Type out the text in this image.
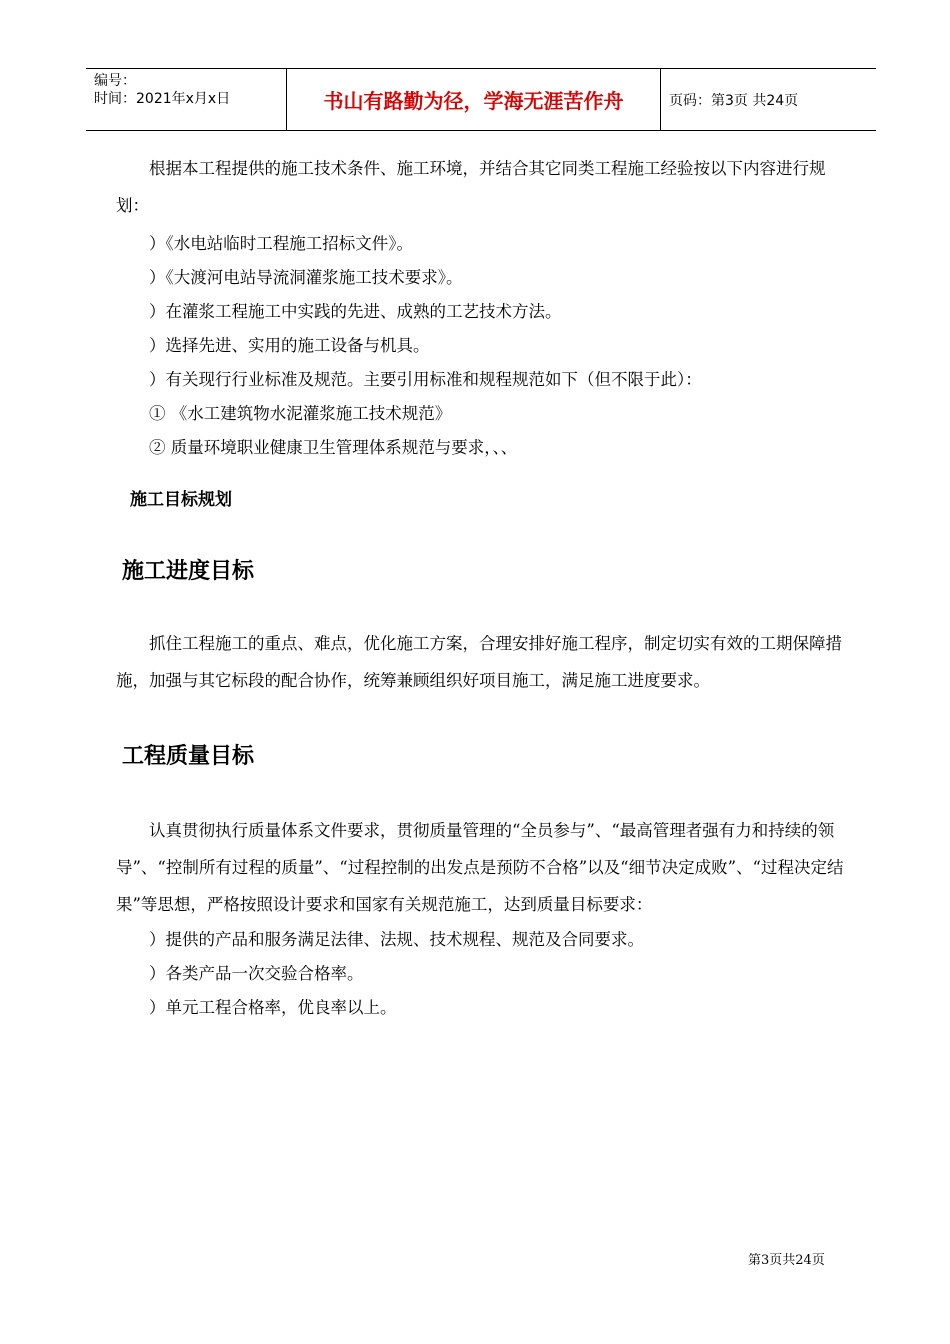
编号：
时间：2021年x月x日	书山有路勤为径，学海无涯苦作舟	页码：第3页 共24页

根据本工程提供的施工技术条件、施工环境，并结合其它同类工程施工经验按以下内容进行规划：

）《水电站临时工程施工招标文件》。

）《大渡河电站导流洞灌浆施工技术要求》。

）在灌浆工程施工中实践的先进、成熟的工艺技术方法。

）选择先进、实用的施工设备与机具。

）有关现行行业标准及规范。主要引用标准和规程规范如下（但不限于此）：

① 《水工建筑物水泥灌浆施工技术规范》

② 质量环境职业健康卫生管理体系规范与要求，、、

施工目标规划

施工进度目标

抓住工程施工的重点、难点，优化施工方案，合理安排好施工程序，制定切实有效的工期保障措施，加强与其它标段的配合协作，统筹兼顾组织好项目施工，满足施工进度要求。

工程质量目标

认真贯彻执行质量体系文件要求，贯彻质量管理的“全员参与”、“最高管理者强有力和持续的领导”、“控制所有过程的质量”、“过程控制的出发点是预防不合格”以及“细节决定成败”、“过程决定结果”等思想，严格按照设计要求和国家有关规范施工，达到质量目标要求：

）提供的产品和服务满足法律、法规、技术规程、规范及合同要求。

）各类产品一次交验合格率。

）单元工程合格率，优良率以上。

第3页共24页
